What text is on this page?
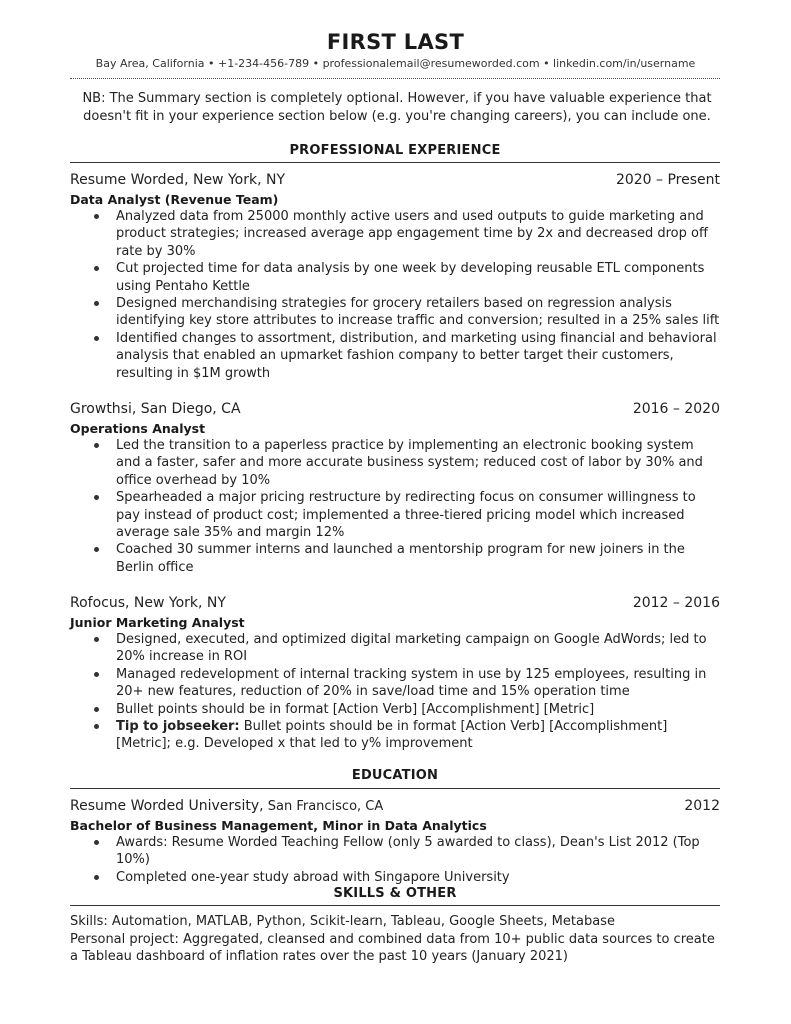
FIRST LAST
Bay Area, California • +1-234-456-789 • professionalemail@resumeworded.com • linkedin.com/in/username
NB: The Summary section is completely optional. However, if you have valuable experience that doesn't fit in your experience section below (e.g. you're changing careers), you can include one.
PROFESSIONAL EXPERIENCE
Resume Worded, New York, NY	2020 – Present
Data Analyst (Revenue Team)
Analyzed data from 25000 monthly active users and used outputs to guide marketing and product strategies; increased average app engagement time by 2x and decreased drop off rate by 30%
Cut projected time for data analysis by one week by developing reusable ETL components using Pentaho Kettle
Designed merchandising strategies for grocery retailers based on regression analysis identifying key store attributes to increase traffic and conversion; resulted in a 25% sales lift
Identified changes to assortment, distribution, and marketing using financial and behavioral analysis that enabled an upmarket fashion company to better target their customers, resulting in $1M growth
Growthsi, San Diego, CA	2016 – 2020
Operations Analyst
Led the transition to a paperless practice by implementing an electronic booking system and a faster, safer and more accurate business system; reduced cost of labor by 30% and office overhead by 10%
Spearheaded a major pricing restructure by redirecting focus on consumer willingness to pay instead of product cost; implemented a three-tiered pricing model which increased average sale 35% and margin 12%
Coached 30 summer interns and launched a mentorship program for new joiners in the Berlin office
Rofocus, New York, NY	2012 – 2016
Junior Marketing Analyst
Designed, executed, and optimized digital marketing campaign on Google AdWords; led to 20% increase in ROI
Managed redevelopment of internal tracking system in use by 125 employees, resulting in 20+ new features, reduction of 20% in save/load time and 15% operation time
Bullet points should be in format [Action Verb] [Accomplishment] [Metric]
Tip to jobseeker: Bullet points should be in format [Action Verb] [Accomplishment] [Metric]; e.g. Developed x that led to y% improvement
EDUCATION
Resume Worded University, San Francisco, CA	2012
Bachelor of Business Management, Minor in Data Analytics
Awards: Resume Worded Teaching Fellow (only 5 awarded to class), Dean's List 2012 (Top 10%)
Completed one-year study abroad with Singapore University
SKILLS & OTHER
Skills: Automation, MATLAB, Python, Scikit-learn, Tableau, Google Sheets, Metabase
Personal project: Aggregated, cleansed and combined data from 10+ public data sources to create a Tableau dashboard of inflation rates over the past 10 years (January 2021)
